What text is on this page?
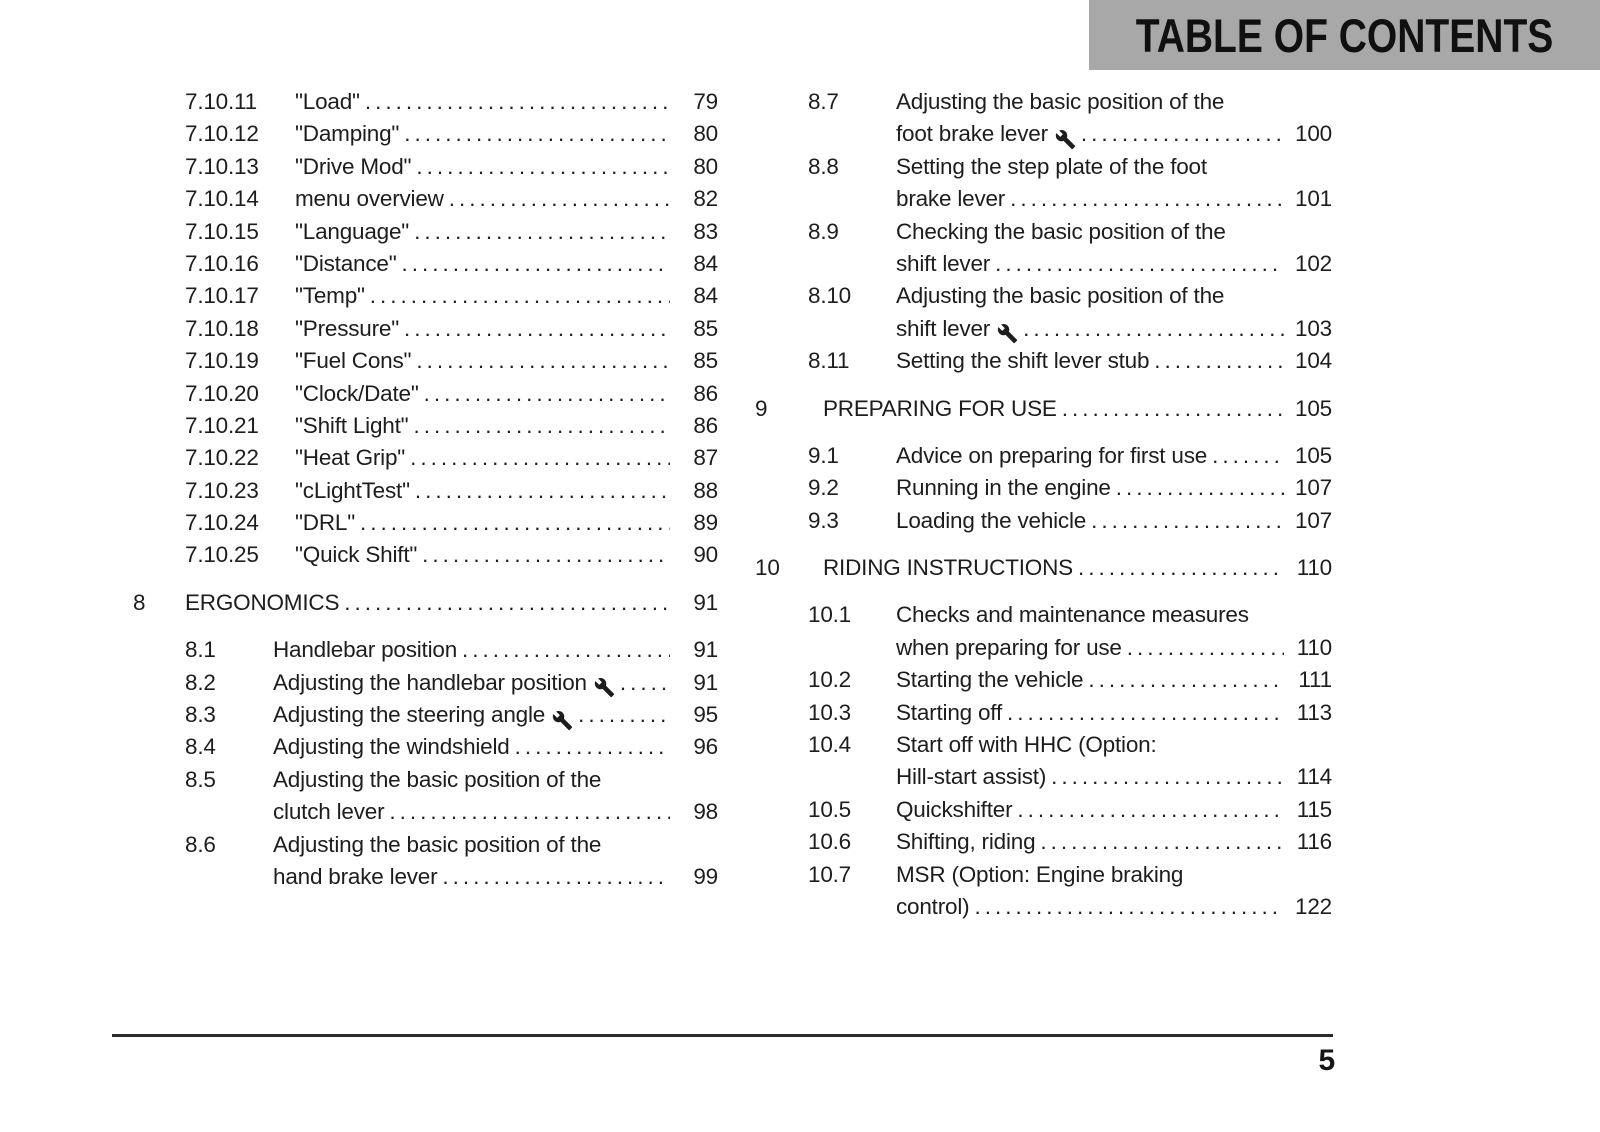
TABLE OF CONTENTS
7.10.11	"Load" .....	79
7.10.12	"Damping" .....	80
7.10.13	"Drive Mod" .....	80
7.10.14	menu overview .....	82
7.10.15	"Language" .....	83
7.10.16	"Distance" .....	84
7.10.17	"Temp" .....	84
7.10.18	"Pressure" .....	85
7.10.19	"Fuel Cons" .....	85
7.10.20	"Clock/Date" .....	86
7.10.21	"Shift Light" .....	86
7.10.22	"Heat Grip" .....	87
7.10.23	"cLightTest" .....	88
7.10.24	"DRL" .....	89
7.10.25	"Quick Shift" .....	90
8	ERGONOMICS .....	91
8.1	Handlebar position .....	91
8.2	Adjusting the handlebar position .....	91
8.3	Adjusting the steering angle .....	95
8.4	Adjusting the windshield .....	96
8.5	Adjusting the basic position of the
clutch lever .....	98
8.6	Adjusting the basic position of the
hand brake lever .....	99
8.7	Adjusting the basic position of the
foot brake lever .....	100
8.8	Setting the step plate of the foot
brake lever .....	101
8.9	Checking the basic position of the
shift lever .....	102
8.10	Adjusting the basic position of the
shift lever .....	103
8.11	Setting the shift lever stub .....	104
9	PREPARING FOR USE .....	105
9.1	Advice on preparing for first use .....	105
9.2	Running in the engine .....	107
9.3	Loading the vehicle .....	107
10	RIDING INSTRUCTIONS .....	110
10.1	Checks and maintenance measures
when preparing for use .....	110
10.2	Starting the vehicle .....	111
10.3	Starting off .....	113
10.4	Start off with HHC (Option:
Hill-start assist) .....	114
10.5	Quickshifter .....	115
10.6	Shifting, riding .....	116
10.7	MSR (Option: Engine braking
control) .....	122
5
